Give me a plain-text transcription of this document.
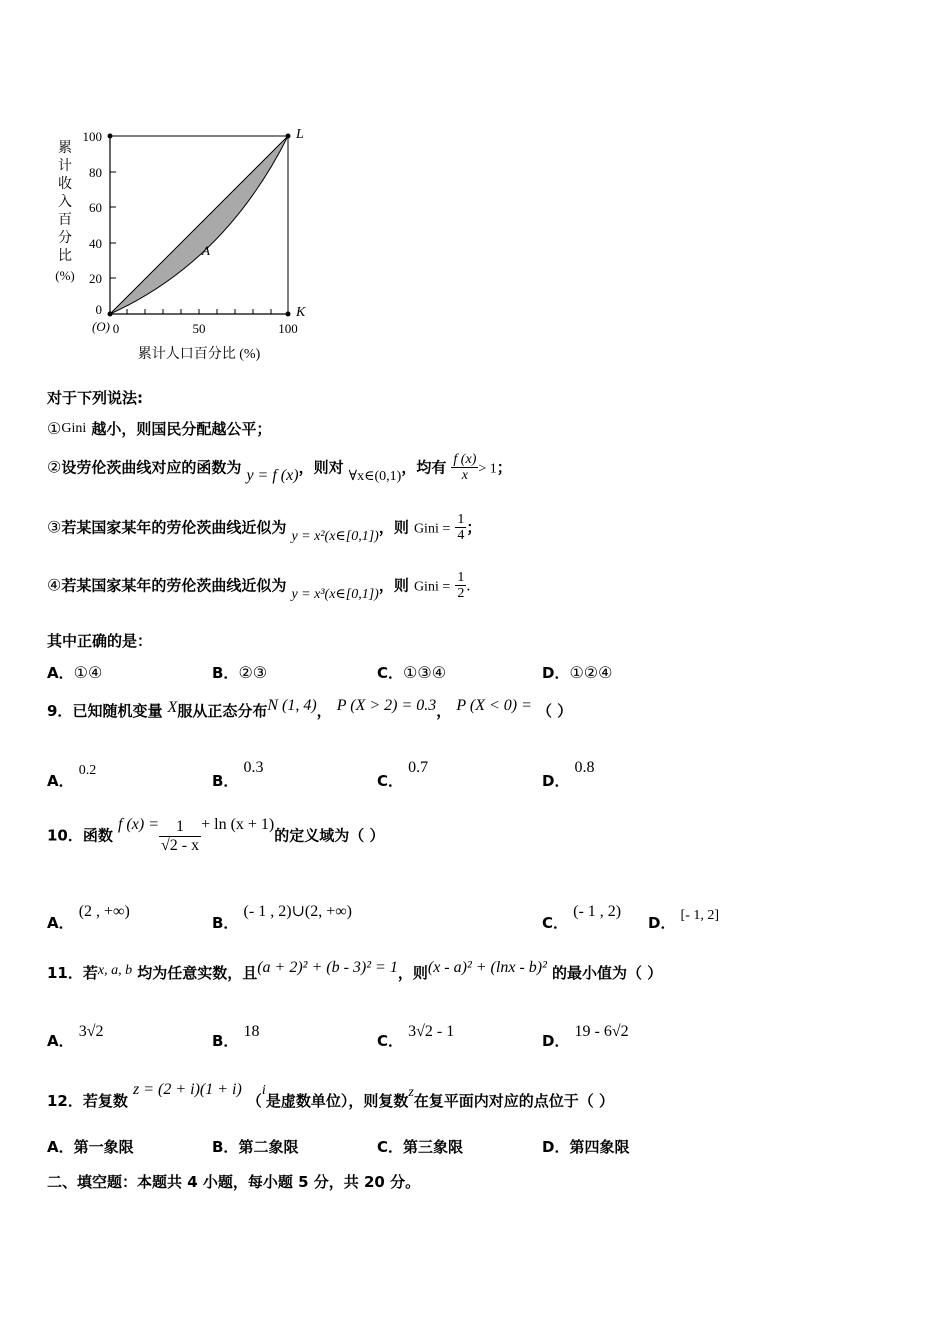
100
80
60
40
20
0
0	50	100
(O)
L
K
A
累
计
收
入
百
分
比
(%)
累计人口百分比 (%)
对于下列说法:
①Gini 越小，则国民分配越公平；
②设劳伦茨曲线对应的函数为 y = f (x)，则对 ∀x∈(0,1)，均有 $\frac{f (x)}{x} > 1$；
③若某国家某年的劳伦茨曲线近似为 y = x²(x∈[0,1])，则 Gini = $\frac{1}{4}$ ；
④若某国家某年的劳伦茨曲线近似为 y = x³(x∈[0,1])，则 Gini = $\frac{1}{2}$ .
其中正确的是：
A．①④	B．②③	C．①③④	D．①②④
9．已知随机变量 X服从正态分布N (1, 4)， P (X > 2) = 0.3， P (X < 0) = （ ）
A． 0.2
B． 0.3
C． 0.7
D． 0.8
10．函数 f $(x) = \frac{1}{√2 - x} + \ln (x + 1)$的定义域为（ ）
A． (2 , +∞)
B． (- 1 , 2)∪(2, +∞)
C． (- 1 , 2)
D． [- 1, 2]
11．若x, a, b 均为任意实数，且(a + 2)² + (b - 3)² = 1，则(x - a)² + (lnx - b)² 的最小值为（ ）
A． 3√2
B． 18
C． 3√2 - 1
D． 19 - 6√2
12．若复数 z = (2 + i)(1 + i) （i是虚数单位），则复数z在复平面内对应的点位于（ ）
A．第一象限	B．第二象限	C．第三象限	D．第四象限
二、填空题：本题共 4 小题，每小题 5 分，共 20 分。
